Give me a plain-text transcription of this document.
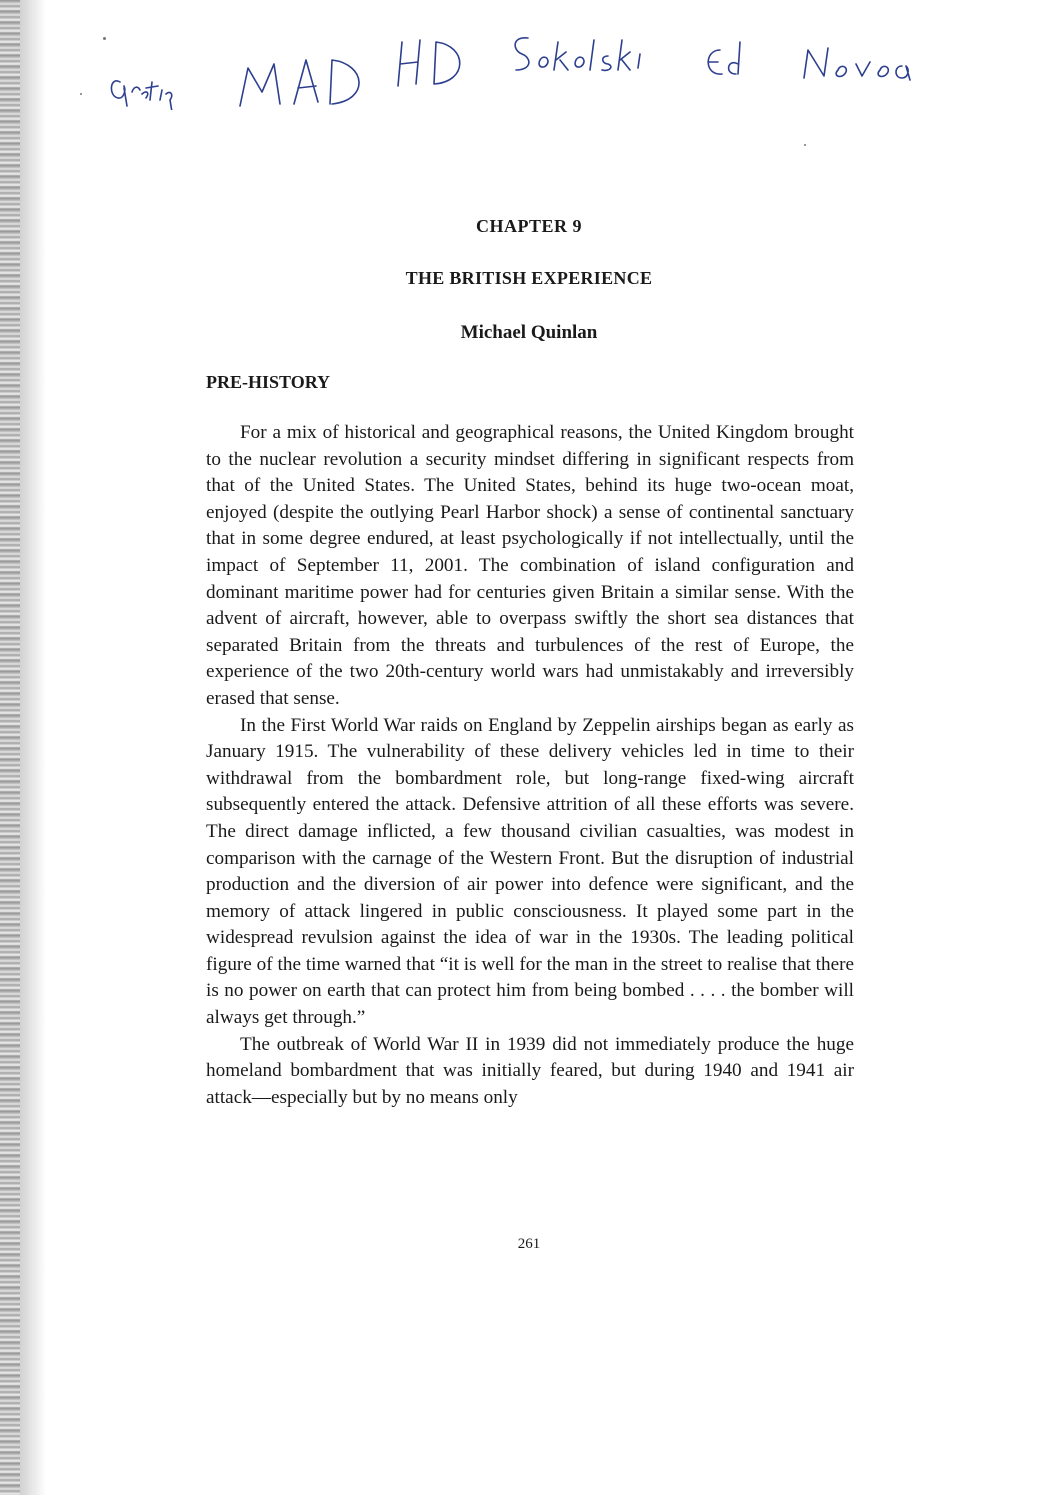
CHAPTER 9
THE BRITISH EXPERIENCE
Michael Quinlan
PRE-HISTORY

For a mix of historical and geographical reasons, the United Kingdom brought to the nuclear revolution a security mindset differing in significant respects from that of the United States. The United States, behind its huge two-ocean moat, enjoyed (despite the outlying Pearl Harbor shock) a sense of continental sanctuary that in some degree endured, at least psychologically if not intellectually, until the impact of September 11, 2001. The combination of island configuration and dominant maritime power had for centuries given Britain a similar sense. With the advent of aircraft, however, able to overpass swiftly the short sea distances that separated Britain from the threats and turbulences of the rest of Europe, the experience of the two 20th-century world wars had unmistakably and irreversibly erased that sense.

In the First World War raids on England by Zeppelin airships began as early as January 1915. The vulnerability of these delivery vehicles led in time to their withdrawal from the bombardment role, but long-range fixed-wing aircraft subsequently entered the attack. Defensive attrition of all these efforts was severe. The direct damage inflicted, a few thousand civilian casualties, was modest in comparison with the carnage of the Western Front. But the disruption of industrial production and the diversion of air power into defence were significant, and the memory of attack lingered in public consciousness. It played some part in the widespread revulsion against the idea of war in the 1930s. The leading political figure of the time warned that “it is well for the man in the street to realise that there is no power on earth that can protect him from being bombed . . . . the bomber will always get through.”

The outbreak of World War II in 1939 did not immediately produce the huge homeland bombardment that was initially feared, but during 1940 and 1941 air attack—especially but by no means only

261
